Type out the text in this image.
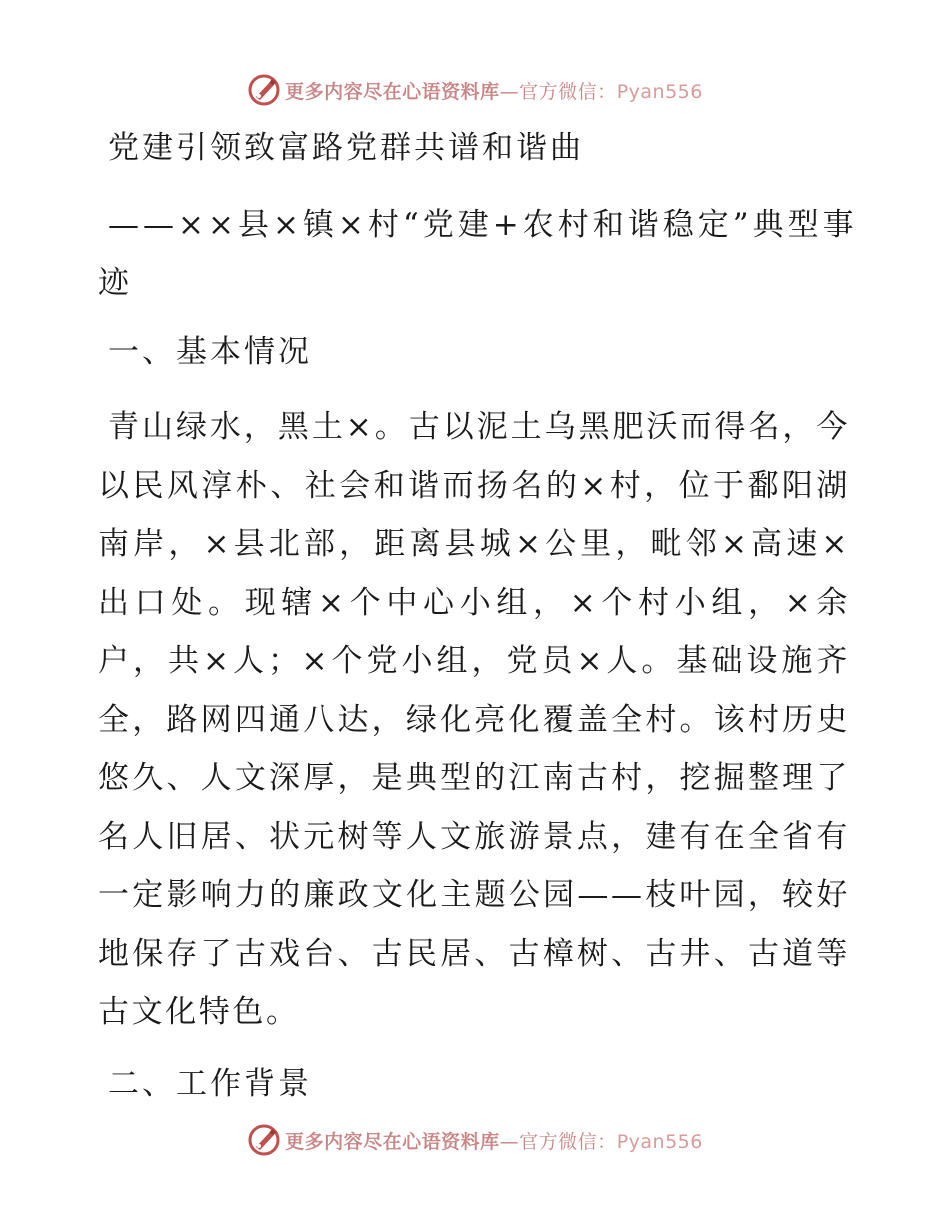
更多内容尽在心语资料库—官方微信：Pyan556
党建引领致富路党群共谱和谐曲
——××县×镇×村“党建+农村和谐稳定”典型事迹
一、基本情况
青山绿水，黑土×。古以泥土乌黑肥沃而得名，今以民风淳朴、社会和谐而扬名的×村，位于鄱阳湖南岸，×县北部，距离县城×公里，毗邻×高速×出口处。现辖×个中心小组，×个村小组，×余户，共×人；×个党小组，党员×人。基础设施齐全，路网四通八达，绿化亮化覆盖全村。该村历史悠久、人文深厚，是典型的江南古村，挖掘整理了名人旧居、状元树等人文旅游景点，建有在全省有一定影响力的廉政文化主题公园——枝叶园，较好地保存了古戏台、古民居、古樟树、古井、古道等古文化特色。
二、工作背景
更多内容尽在心语资料库—官方微信：Pyan556
